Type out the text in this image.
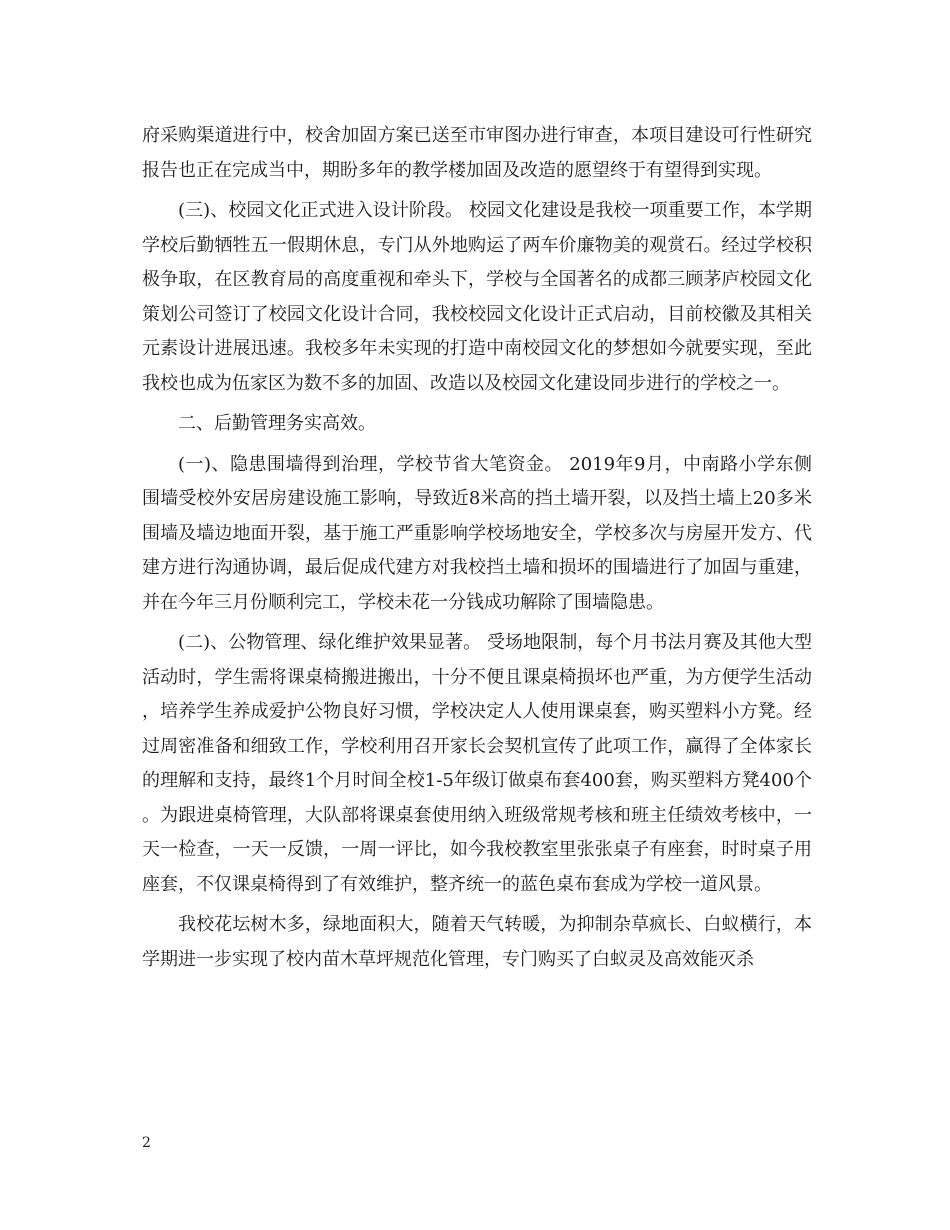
府采购渠道进行中，校舍加固方案已送至市审图办进行审查，本项目建设可行性研究报告也正在完成当中，期盼多年的教学楼加固及改造的愿望终于有望得到实现。

(三)、校园文化正式进入设计阶段。 校园文化建设是我校一项重要工作，本学期学校后勤牺牲五一假期休息，专门从外地购运了两车价廉物美的观赏石。经过学校积极争取，在区教育局的高度重视和牵头下，学校与全国著名的成都三顾茅庐校园文化策划公司签订了校园文化设计合同，我校校园文化设计正式启动，目前校徽及其相关元素设计进展迅速。我校多年未实现的打造中南校园文化的梦想如今就要实现，至此我校也成为伍家区为数不多的加固、改造以及校园文化建设同步进行的学校之一。

二、后勤管理务实高效。

(一)、隐患围墙得到治理，学校节省大笔资金。 2019年9月，中南路小学东侧围墙受校外安居房建设施工影响，导致近8米高的挡土墙开裂，以及挡土墙上20多米围墙及墙边地面开裂，基于施工严重影响学校场地安全，学校多次与房屋开发方、代建方进行沟通协调，最后促成代建方对我校挡土墙和损坏的围墙进行了加固与重建，并在今年三月份顺利完工，学校未花一分钱成功解除了围墙隐患。

(二)、公物管理、绿化维护效果显著。 受场地限制，每个月书法月赛及其他大型活动时，学生需将课桌椅搬进搬出，十分不便且课桌椅损坏也严重，为方便学生活动，培养学生养成爱护公物良好习惯，学校决定人人使用课桌套，购买塑料小方凳。经过周密准备和细致工作，学校利用召开家长会契机宣传了此项工作，赢得了全体家长的理解和支持，最终1个月时间全校1-5年级订做桌布套400套，购买塑料方凳400个。为跟进桌椅管理，大队部将课桌套使用纳入班级常规考核和班主任绩效考核中，一天一检查，一天一反馈，一周一评比，如今我校教室里张张桌子有座套，时时桌子用座套，不仅课桌椅得到了有效维护，整齐统一的蓝色桌布套成为学校一道风景。

我校花坛树木多，绿地面积大，随着天气转暖，为抑制杂草疯长、白蚁横行，本学期进一步实现了校内苗木草坪规范化管理，专门购买了白蚁灵及高效能灭杀

2
